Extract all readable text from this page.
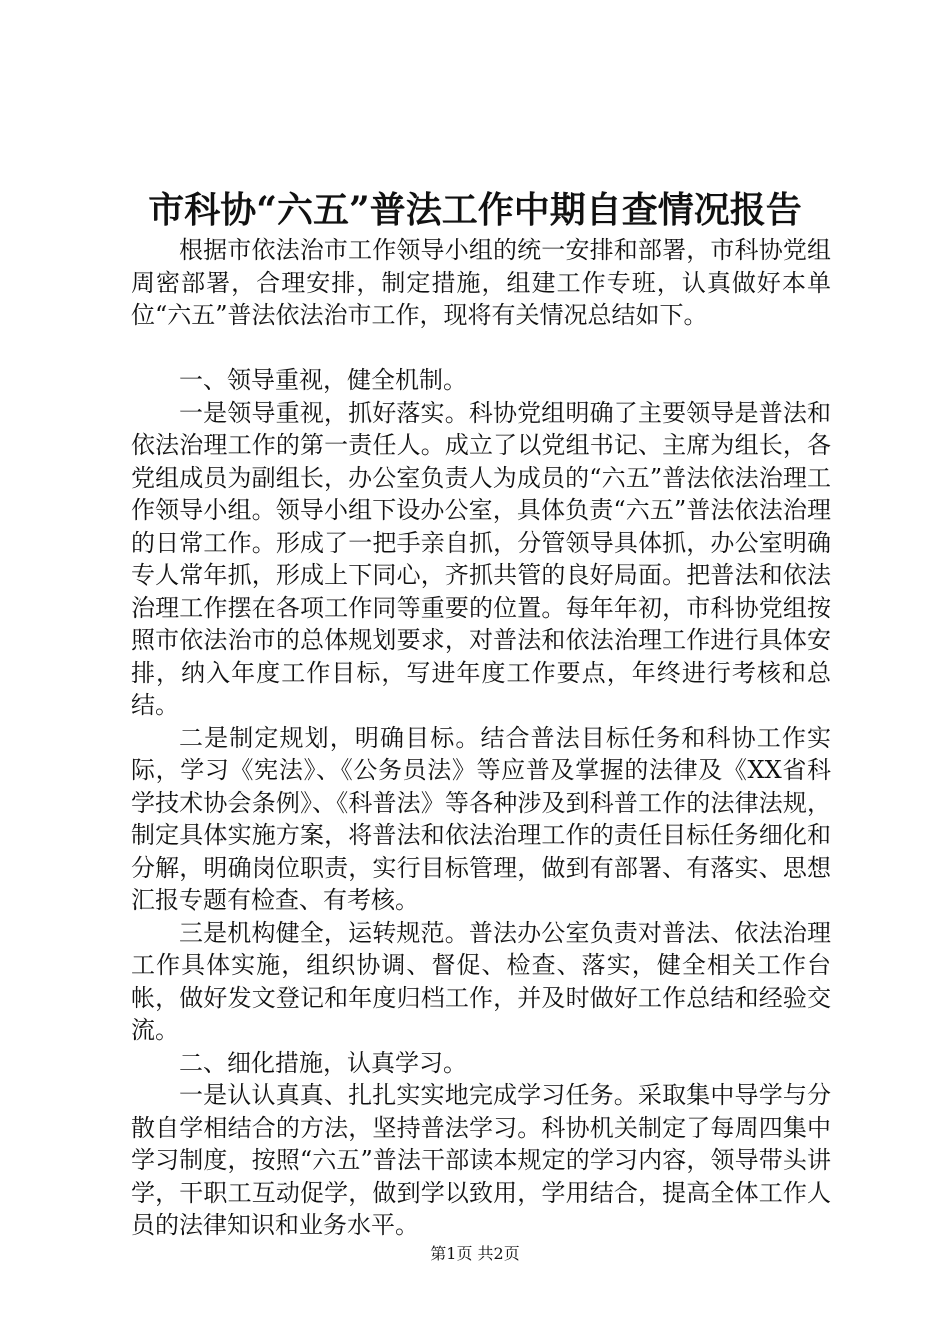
市科协“六五”普法工作中期自查情况报告

根据市依法治市工作领导小组的统一安排和部署，市科协党组周密部署，合理安排，制定措施，组建工作专班，认真做好本单位“六五”普法依法治市工作，现将有关情况总结如下。

一、领导重视，健全机制。

一是领导重视，抓好落实。科协党组明确了主要领导是普法和依法治理工作的第一责任人。成立了以党组书记、主席为组长，各党组成员为副组长，办公室负责人为成员的“六五”普法依法治理工作领导小组。领导小组下设办公室，具体负责“六五”普法依法治理的日常工作。形成了一把手亲自抓，分管领导具体抓，办公室明确专人常年抓，形成上下同心，齐抓共管的良好局面。把普法和依法治理工作摆在各项工作同等重要的位置。每年年初，市科协党组按照市依法治市的总体规划要求，对普法和依法治理工作进行具体安排，纳入年度工作目标，写进年度工作要点，年终进行考核和总结。

二是制定规划，明确目标。结合普法目标任务和科协工作实际，学习《宪法》、《公务员法》等应普及掌握的法律及《XX省科学技术协会条例》、《科普法》等各种涉及到科普工作的法律法规，制定具体实施方案，将普法和依法治理工作的责任目标任务细化和分解，明确岗位职责，实行目标管理，做到有部署、有落实、思想汇报专题有检查、有考核。

三是机构健全，运转规范。普法办公室负责对普法、依法治理工作具体实施，组织协调、督促、检查、落实，健全相关工作台帐，做好发文登记和年度归档工作，并及时做好工作总结和经验交流。

二、细化措施，认真学习。

一是认认真真、扎扎实实地完成学习任务。采取集中导学与分散自学相结合的方法，坚持普法学习。科协机关制定了每周四集中学习制度，按照“六五”普法干部读本规定的学习内容，领导带头讲学，干职工互动促学，做到学以致用，学用结合，提高全体工作人员的法律知识和业务水平。

第1页 共2页
